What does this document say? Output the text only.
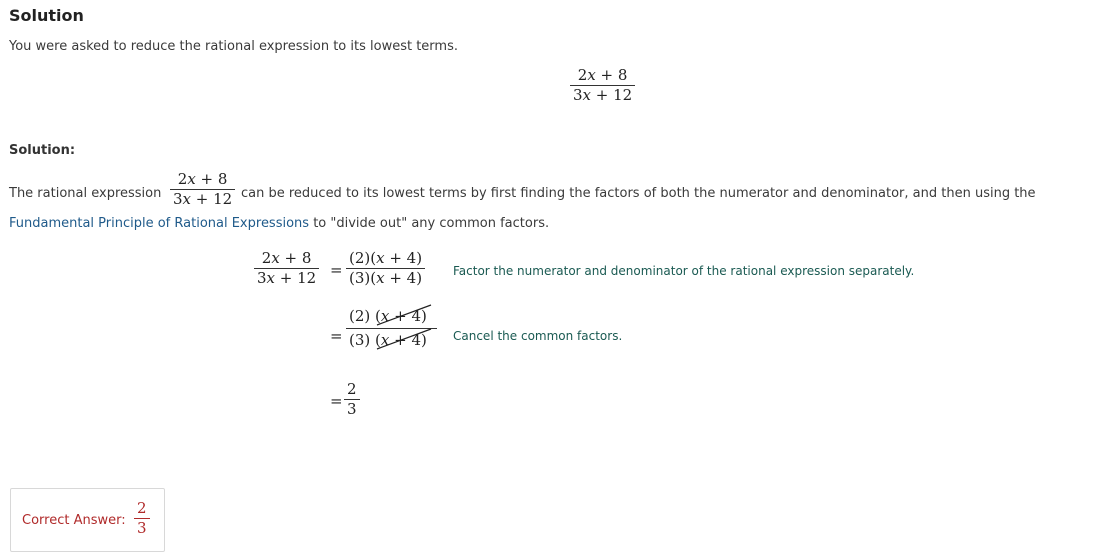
Solution
You were asked to reduce the rational expression to its lowest terms.
$\frac{2x + 8}{3x + 12}$
Solution:
The rational expression $\frac{2x + 8}{3x + 12}$ can be reduced to its lowest terms by first finding the factors of both the numerator and denominator, and then using the
Fundamental Principle of Rational Expressions to "divide out" any common factors.
$\frac{2x + 8}{3x + 12} = \frac{(2)(x + 4)}{(3)(x + 4)}$ Factor the numerator and denominator of the rational expression separately.
= $\frac{(2) (x + 4)}{(3) (x + 4)}$ Cancel the common factors.
= $\frac{2}{3}$
Correct Answer: $\frac{2}{3}$
